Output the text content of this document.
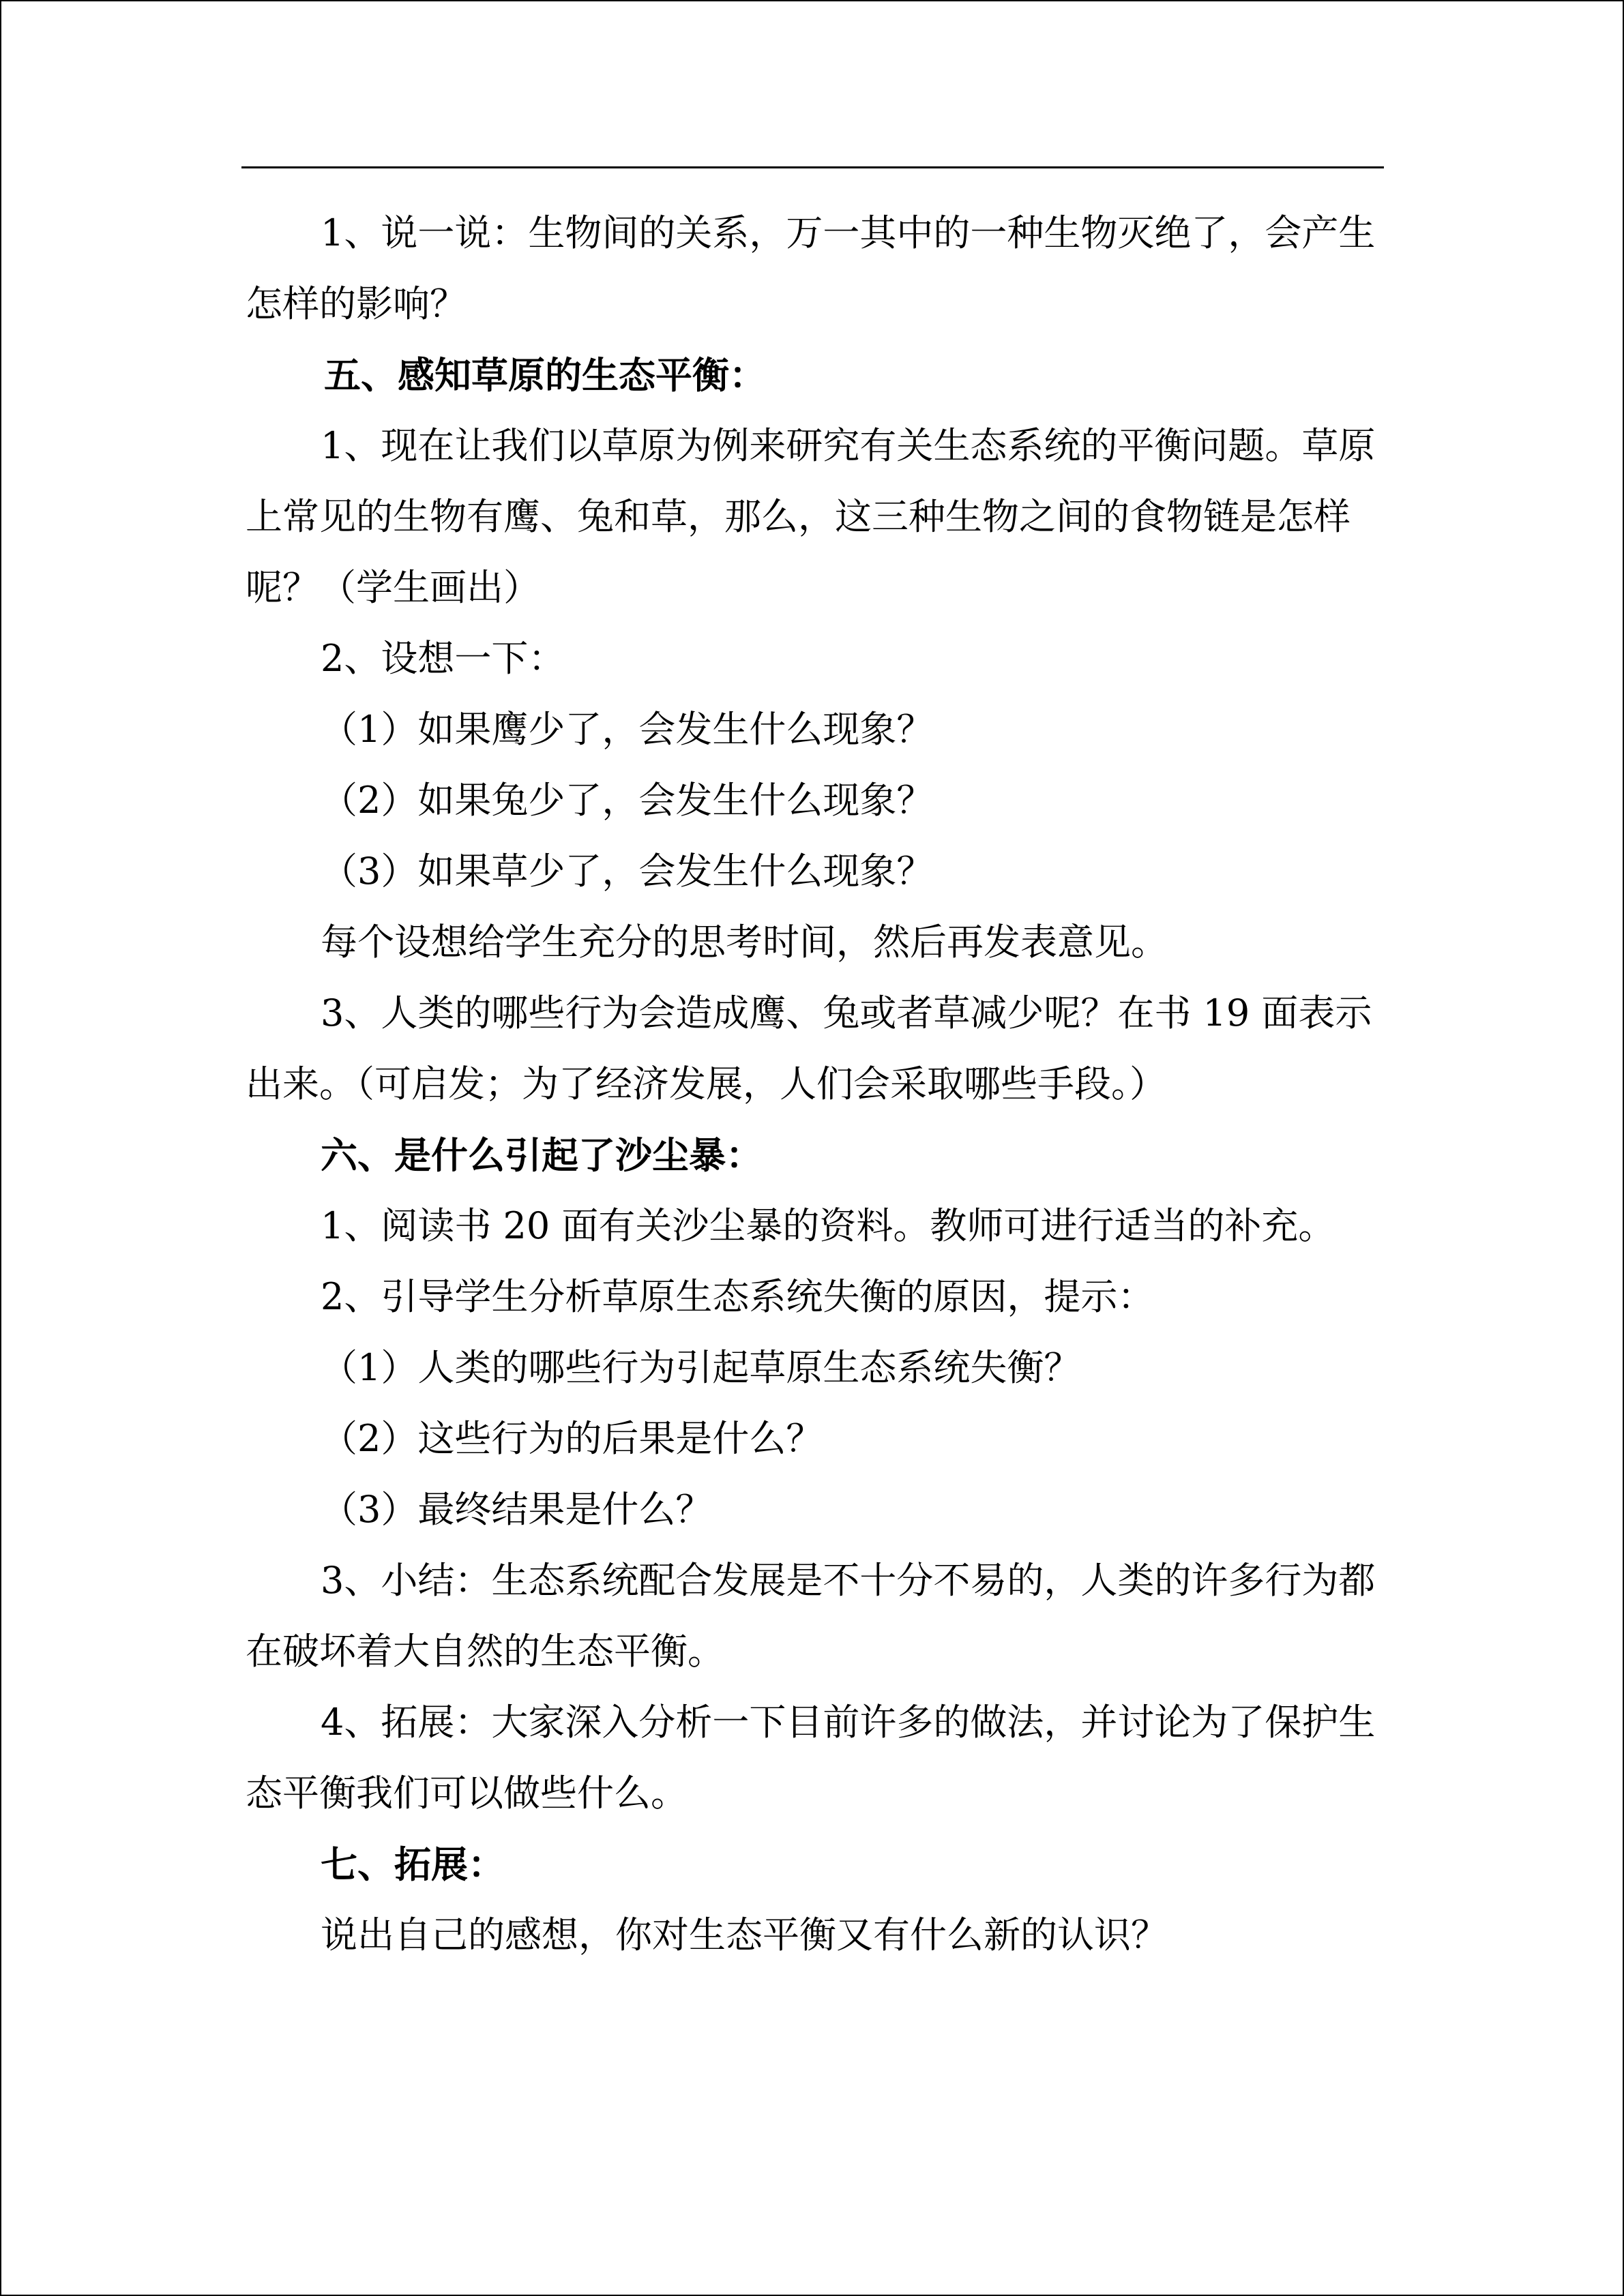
1、说一说：生物间的关系，万一其中的一种生物灭绝了，会产生怎样的影响？

五、感知草原的生态平衡：

1、现在让我们以草原为例来研究有关生态系统的平衡问题。草原上常见的生物有鹰、兔和草，那么，这三种生物之间的食物链是怎样呢？（学生画出）

2、设想一下：

（1）如果鹰少了，会发生什么现象？

（2）如果兔少了，会发生什么现象？

（3）如果草少了，会发生什么现象？

每个设想给学生充分的思考时间，然后再发表意见。

3、人类的哪些行为会造成鹰、兔或者草减少呢？在书 19 面表示出来。（可启发；为了经济发展，人们会采取哪些手段。）

六、是什么引起了沙尘暴：

1、阅读书 20 面有关沙尘暴的资料。教师可进行适当的补充。

2、引导学生分析草原生态系统失衡的原因，提示：

（1）人类的哪些行为引起草原生态系统失衡？

（2）这些行为的后果是什么？

（3）最终结果是什么？

3、小结：生态系统配合发展是不十分不易的，人类的许多行为都在破坏着大自然的生态平衡。

4、拓展：大家深入分析一下目前许多的做法，并讨论为了保护生态平衡我们可以做些什么。

七、拓展：

说出自己的感想，你对生态平衡又有什么新的认识？
